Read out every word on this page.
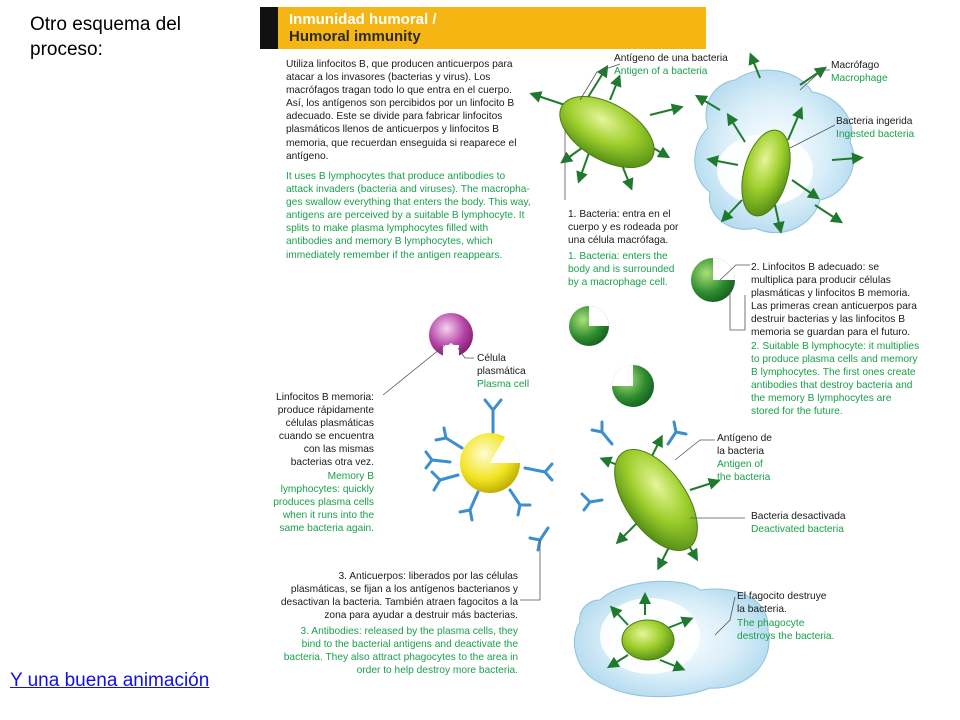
Otro esquema del proceso:
Y una buena animación
Inmunidad humoral /
Humoral immunity
Utiliza linfocitos B, que producen anticuerpos para
atacar a los invasores (bacterias y virus). Los
macrófagos tragan todo lo que entra en el cuerpo.
Así, los antígenos son percibidos por un linfocito B
adecuado. Este se divide para fabricar linfocitos
plasmáticos llenos de anticuerpos y linfocitos B
memoria, que recuerdan enseguida si reaparece el
antígeno.
It uses B lymphocytes that produce antibodies to
attack invaders (bacteria and viruses). The macropha-
ges swallow everything that enters the body. This way,
antigens are perceived by a suitable B lymphocyte. It
splits to make plasma lymphocytes filled with
antibodies and memory B lymphocytes, which
immediately remember if the antigen reappears.
Antígeno de una bacteria
Antigen of a bacteria
Macrófago
Macrophage
Bacteria ingerida
Ingested bacteria
1. Bacteria: entra en el
cuerpo y es rodeada por
una célula macrófaga.
1. Bacteria: enters the
body and is surrounded
by a macrophage cell.
2. Linfocitos B adecuado: se
multiplica para producir células
plasmáticas y linfocitos B memoria.
Las primeras crean anticuerpos para
destruir bacterias y las linfocitos B
memoria se guardan para el futuro.
2. Suitable B lymphocyte: it multiplies
to produce plasma cells and memory
B lymphocytes. The first ones create
antibodies that destroy bacteria and
the memory B lymphocytes are
stored for the future.
Célula
plasmática
Plasma cell
Linfocitos B memoria:
produce rápidamente
células plasmáticas
cuando se encuentra
con las mismas
bacterias otra vez.
Memory B
lymphocytes: quickly
produces plasma cells
when it runs into the
same bacteria again.
Antígeno de
la bacteria
Antigen of
the bacteria
Bacteria desactivada
Deactivated bacteria
3. Anticuerpos: liberados por las células
plasmáticas, se fijan a los antígenos bacterianos y
desactivan la bacteria. También atraen fagocitos a la
zona para ayudar a destruir más bacterias.
3. Antibodies: released by the plasma cells, they
bind to the bacterial antigens and deactivate the
bacteria. They also attract phagocytes to the area in
order to help destroy more bacteria.
El fagocito destruye
la bacteria.
The phagocyte
destroys the bacteria.
